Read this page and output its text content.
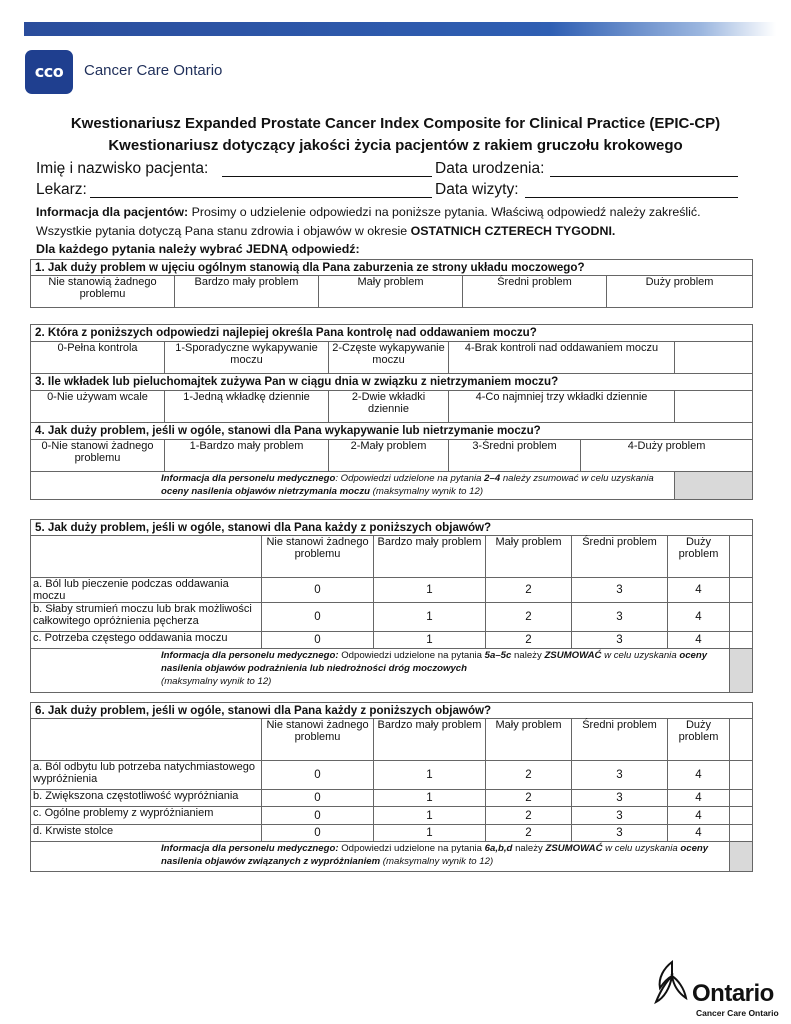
cco	Cancer Care Ontario
Kwestionariusz Expanded Prostate Cancer Index Composite for Clinical Practice (EPIC-CP)
Kwestionariusz dotyczący jakości życia pacjentów z rakiem gruczołu krokowego
Imię i nazwisko pacjenta:	Data urodzenia:
Lekarz:	Data wizyty:
Informacja dla pacjentów: Prosimy o udzielenie odpowiedzi na poniższe pytania. Właściwą odpowiedź należy zakreślić. Wszystkie pytania dotyczą Pana stanu zdrowia i objawów w okresie OSTATNICH CZTERECH TYGODNI.
Dla każdego pytania należy wybrać JEDNĄ odpowiedź:
1. Jak duży problem w ujęciu ogólnym stanowią dla Pana zaburzenia ze strony układu moczowego?
Nie stanowią żadnego problemu	Bardzo mały problem	Mały problem	Średni problem	Duży problem
2. Która z poniższych odpowiedzi najlepiej określa Pana kontrolę nad oddawaniem moczu?					
0-Pełna kontrola	1-Sporadyczne wykapywanie moczu	2-Częste wykapywanie moczu	4-Brak kontroli nad oddawaniem moczu		
3. Ile wkładek lub pieluchomajtek zużywa Pan w ciągu dnia w związku z nietrzymaniem moczu?					
0-Nie używam wcale	1-Jedną wkładkę dziennie	2-Dwie wkładki dziennie	4-Co najmniej trzy wkładki dziennie		
4. Jak duży problem, jeśli w ogóle, stanowi dla Pana wykapywanie lub nietrzymanie moczu?					
0-Nie stanowi żadnego problemu	1-Bardzo mały problem	2-Mały problem	3-Średni problem	4-Duży problem	
Informacja dla personelu medycznego: Odpowiedzi udzielone na pytania 2–4 należy zsumować w celu uzyskania oceny nasilenia objawów nietrzymania moczu (maksymalny wynik to 12)					
5. Jak duży problem, jeśli w ogóle, stanowi dla Pana każdy z poniższych objawów?						
	Nie stanowi żadnego problemu	Bardzo mały problem	Mały problem	Średni problem	Duży problem	
a. Ból lub pieczenie podczas oddawania moczu	0	1	2	3	4	
b. Słaby strumień moczu lub brak możliwości całkowitego opróżnienia pęcherza	0	1	2	3	4	
c. Potrzeba częstego oddawania moczu	0	1	2	3	4	
Informacja dla personelu medycznego: Odpowiedzi udzielone na pytania 5a–5c należy ZSUMOWAĆ w celu uzyskania oceny nasilenia objawów podrażnienia lub niedrożności dróg moczowych
(maksymalny wynik to 12)						
6. Jak duży problem, jeśli w ogóle, stanowi dla Pana każdy z poniższych objawów?						
	Nie stanowi żadnego problemu	Bardzo mały problem	Mały problem	Średni problem	Duży problem	
a. Ból odbytu lub potrzeba natychmiastowego wypróżnienia	0	1	2	3	4	
b. Zwiększona częstotliwość wypróżniania	0	1	2	3	4	
c. Ogólne problemy z wypróżnianiem	0	1	2	3	4	
d. Krwiste stolce	0	1	2	3	4	
Informacja dla personelu medycznego: Odpowiedzi udzielone na pytania 6a,b,d należy ZSUMOWAĆ w celu uzyskania oceny nasilenia objawów związanych z wypróżnianiem (maksymalny wynik to 12)						
Ontario
Cancer Care Ontario
